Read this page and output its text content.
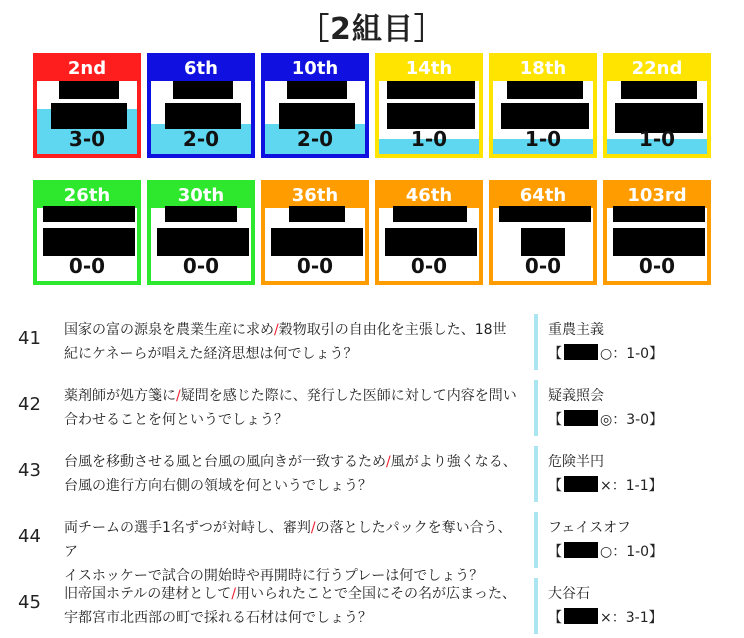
［2組目］
2nd
3-0
6th
2-0
10th
2-0
14th
1-0
18th
1-0
22nd
1-0
26th
0-0
30th
0-0
36th
0-0
46th
0-0
64th
0-0
103rd
0-0
41 国家の富の源泉を農業生産に求め/穀物取引の自由化を主張した、18世
紀にケネーらが唱えた経済思想は何でしょう？
重農主義
【	○：1-0】
42 薬剤師が処方箋に/疑問を感じた際に、発行した医師に対して内容を問い
合わせることを何というでしょう？
疑義照会
【	◎：3-0】
43 台風を移動させる風と台風の風向きが一致するため/風がより強くなる、
台風の進行方向右側の領域を何というでしょう？
危険半円
【	×：1-1】
44 両チームの選手1名ずつが対峙し、審判/の落としたパックを奪い合う、ア
イスホッケーで試合の開始時や再開時に行うプレーは何でしょう？
フェイスオフ
【	○：1-0】
45 旧帝国ホテルの建材として/用いられたことで全国にその名が広まった、
宇都宮市北西部の町で採れる石材は何でしょう？
大谷石
【	×：3-1】
